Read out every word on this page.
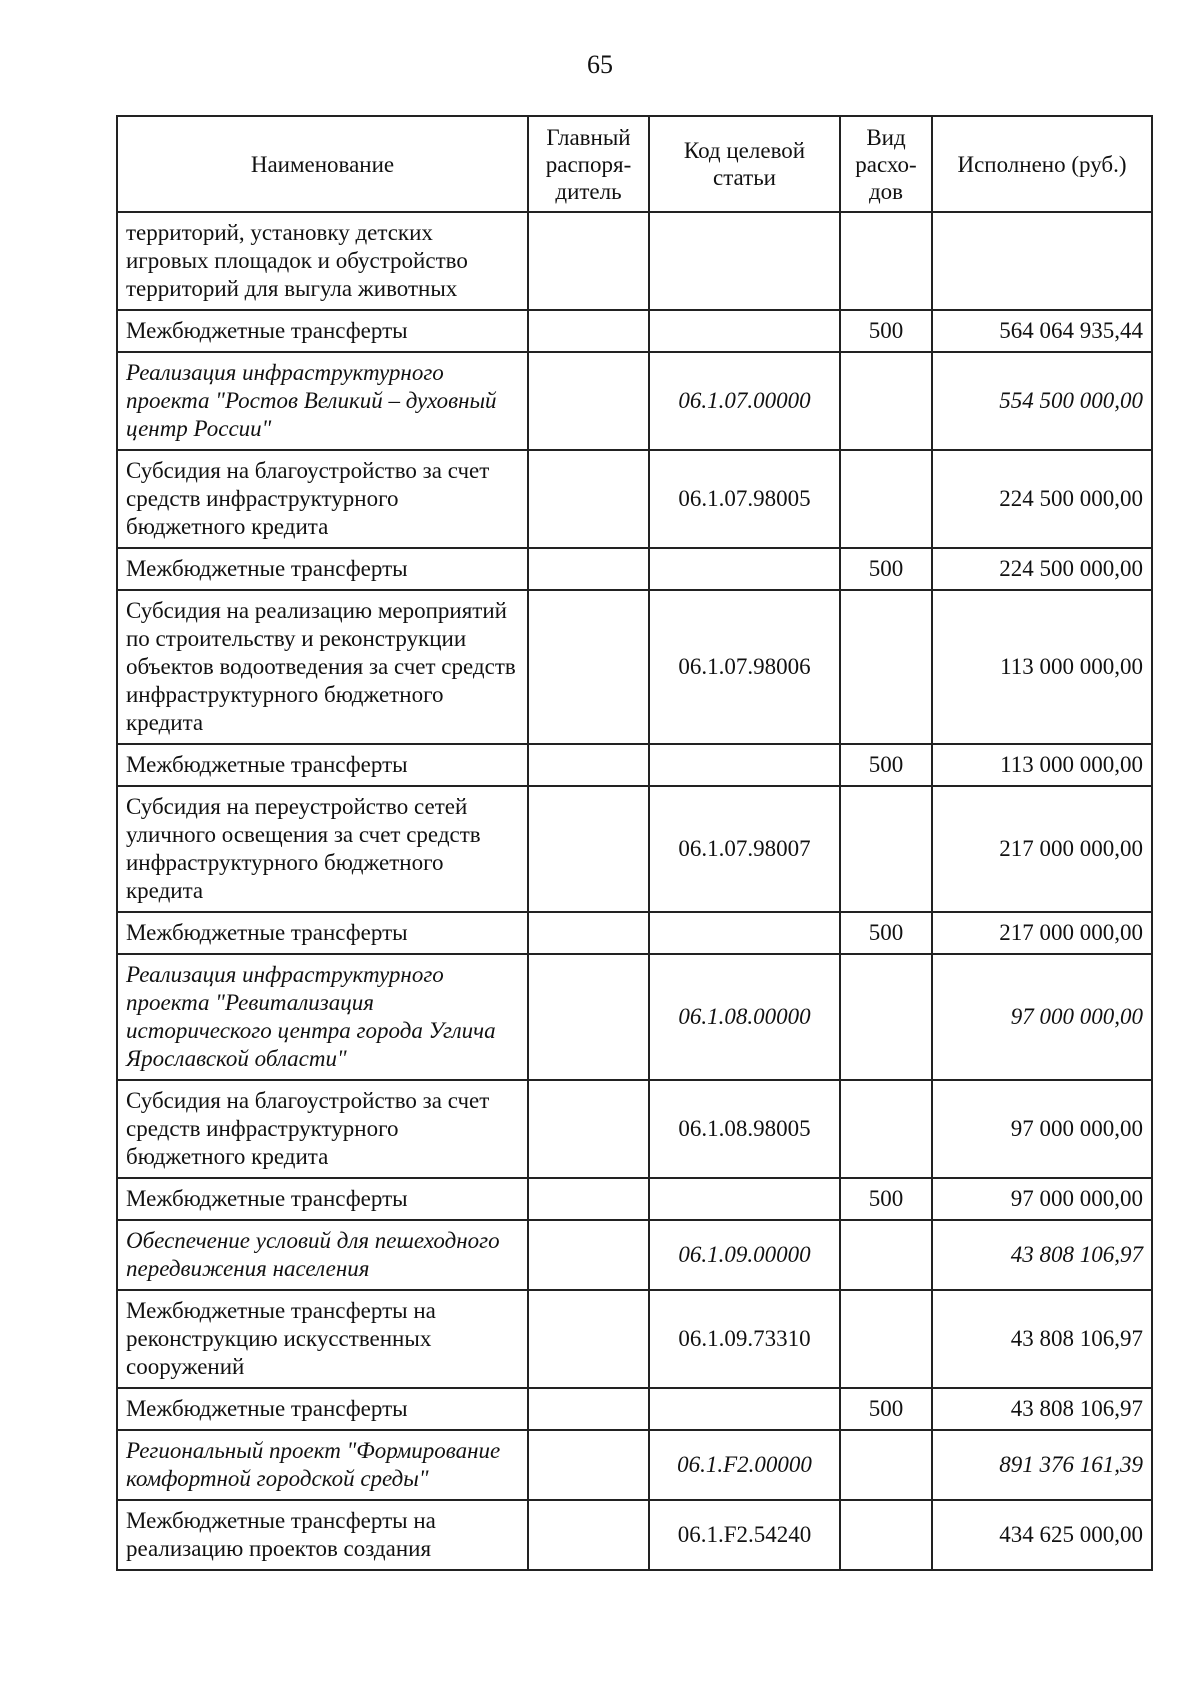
65
Наименование	Главный распоря-дитель	Код целевой статьи	Вид расхо-дов	Исполнено (руб.)
территорий, установку детских игровых площадок и обустройство территорий для выгула животных				
Межбюджетные трансферты			500	564 064 935,44
Реализация инфраструктурного проекта "Ростов Великий – духовный центр России"		06.1.07.00000		554 500 000,00
Субсидия на благоустройство за счет средств инфраструктурного бюджетного кредита		06.1.07.98005		224 500 000,00
Межбюджетные трансферты			500	224 500 000,00
Субсидия на реализацию мероприятий по строительству и реконструкции объектов водоотведения за счет средств инфраструктурного бюджетного кредита		06.1.07.98006		113 000 000,00
Межбюджетные трансферты			500	113 000 000,00
Субсидия на переустройство сетей уличного освещения за счет средств инфраструктурного бюджетного кредита		06.1.07.98007		217 000 000,00
Межбюджетные трансферты			500	217 000 000,00
Реализация инфраструктурного проекта "Ревитализация исторического центра города Углича Ярославской области"		06.1.08.00000		97 000 000,00
Субсидия на благоустройство за счет средств инфраструктурного бюджетного кредита		06.1.08.98005		97 000 000,00
Межбюджетные трансферты			500	97 000 000,00
Обеспечение условий для пешеходного передвижения населения		06.1.09.00000		43 808 106,97
Межбюджетные трансферты на реконструкцию искусственных сооружений		06.1.09.73310		43 808 106,97
Межбюджетные трансферты			500	43 808 106,97
Региональный проект "Формирование комфортной городской среды"		06.1.F2.00000		891 376 161,39
Межбюджетные трансферты на реализацию проектов создания		06.1.F2.54240		434 625 000,00
